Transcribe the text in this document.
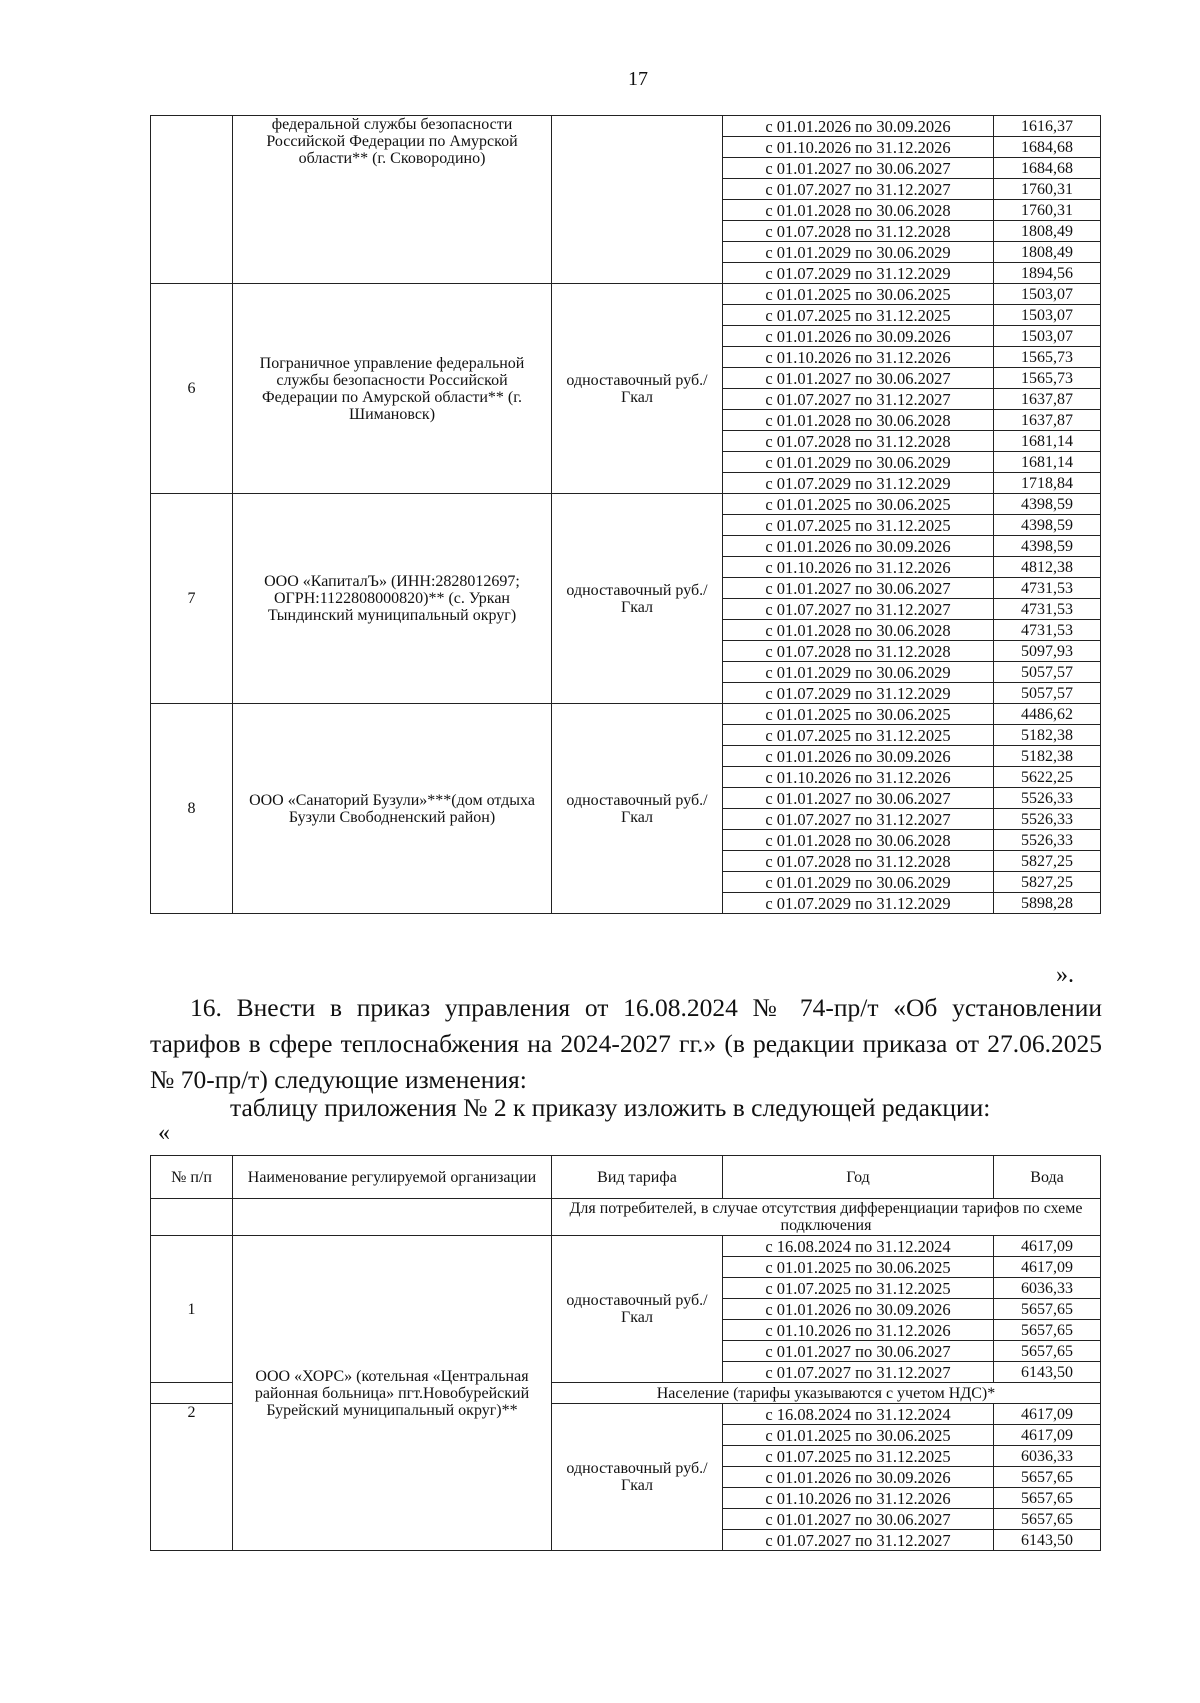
17
	федеральной службы безопасности Российской Федерации по Амурской области** (г. Сковородино)		с 01.01.2026 по 30.09.2026	1616,37
			с 01.10.2026 по 31.12.2026	1684,68
			с 01.01.2027 по 30.06.2027	1684,68
			с 01.07.2027 по 31.12.2027	1760,31
			с 01.01.2028 по 30.06.2028	1760,31
			с 01.07.2028 по 31.12.2028	1808,49
			с 01.01.2029 по 30.06.2029	1808,49
			с 01.07.2029 по 31.12.2029	1894,56
6	Пограничное управление федеральной службы безопасности Российской Федерации по Амурской области** (г. Шимановск)	одноставочный руб./Гкал	с 01.01.2025 по 30.06.2025	1503,07
			с 01.07.2025 по 31.12.2025	1503,07
			с 01.01.2026 по 30.09.2026	1503,07
			с 01.10.2026 по 31.12.2026	1565,73
			с 01.01.2027 по 30.06.2027	1565,73
			с 01.07.2027 по 31.12.2027	1637,87
			с 01.01.2028 по 30.06.2028	1637,87
			с 01.07.2028 по 31.12.2028	1681,14
			с 01.01.2029 по 30.06.2029	1681,14
			с 01.07.2029 по 31.12.2029	1718,84
7	ООО «КапиталЪ» (ИНН:2828012697; ОГРН:1122808000820)** (с. Уркан Тындинский муниципальный округ)	одноставочный руб./Гкал	с 01.01.2025 по 30.06.2025	4398,59
			с 01.07.2025 по 31.12.2025	4398,59
			с 01.01.2026 по 30.09.2026	4398,59
			с 01.10.2026 по 31.12.2026	4812,38
			с 01.01.2027 по 30.06.2027	4731,53
			с 01.07.2027 по 31.12.2027	4731,53
			с 01.01.2028 по 30.06.2028	4731,53
			с 01.07.2028 по 31.12.2028	5097,93
			с 01.01.2029 по 30.06.2029	5057,57
			с 01.07.2029 по 31.12.2029	5057,57
8	ООО «Санаторий Бузули»***(дом отдыха Бузули Свободненский район)	одноставочный руб./Гкал	с 01.01.2025 по 30.06.2025	4486,62
			с 01.07.2025 по 31.12.2025	5182,38
			с 01.01.2026 по 30.09.2026	5182,38
			с 01.10.2026 по 31.12.2026	5622,25
			с 01.01.2027 по 30.06.2027	5526,33
			с 01.07.2027 по 31.12.2027	5526,33
			с 01.01.2028 по 30.06.2028	5526,33
			с 01.07.2028 по 31.12.2028	5827,25
			с 01.01.2029 по 30.06.2029	5827,25
			с 01.07.2029 по 31.12.2029	5898,28
».
16. Внести в приказ управления от 16.08.2024 № 74-пр/т «Об установлении тарифов в сфере теплоснабжения на 2024-2027 гг.» (в редакции приказа от 27.06.2025 № 70-пр/т) следующие изменения:
таблицу приложения № 2 к приказу изложить в следующей редакции:
«
№ п/п	Наименование регулируемой организации	Вид тарифа	Год	Вода
		Для потребителей, в случае отсутствия дифференциации тарифов по схеме подключения		
1	ООО «ХОРС» (котельная «Центральная районная больница» пгт.Новобурейский Бурейский муниципальный округ)**	одноставочный руб./Гкал	с 16.08.2024 по 31.12.2024	4617,09
			с 01.01.2025 по 30.06.2025	4617,09
			с 01.07.2025 по 31.12.2025	6036,33
			с 01.01.2026 по 30.09.2026	5657,65
			с 01.10.2026 по 31.12.2026	5657,65
			с 01.01.2027 по 30.06.2027	5657,65
			с 01.07.2027 по 31.12.2027	6143,50
		Население (тарифы указываются с учетом НДС)*		
2		одноставочный руб./Гкал	с 16.08.2024 по 31.12.2024	4617,09
			с 01.01.2025 по 30.06.2025	4617,09
			с 01.07.2025 по 31.12.2025	6036,33
			с 01.01.2026 по 30.09.2026	5657,65
			с 01.10.2026 по 31.12.2026	5657,65
			с 01.01.2027 по 30.06.2027	5657,65
			с 01.07.2027 по 31.12.2027	6143,50
